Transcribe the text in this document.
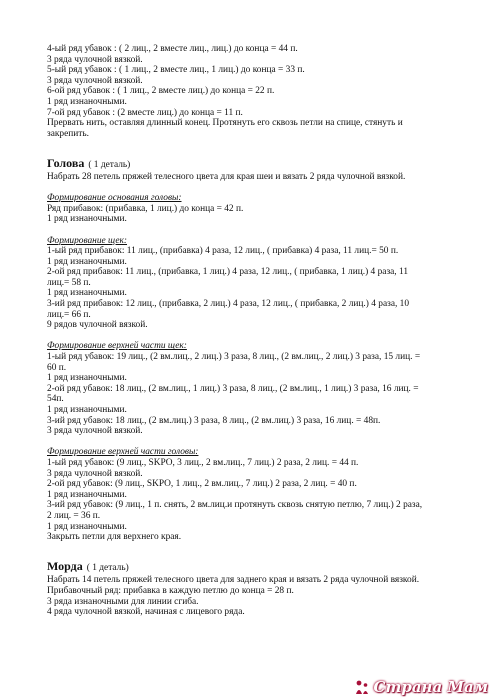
4-ый ряд убавок : ( 2 лиц., 2 вместе лиц., лиц.) до конца = 44 п.
3 ряда чулочной вязкой.
5-ый ряд убавок : ( 1 лиц., 2 вместе лиц., 1 лиц.) до конца = 33 п.
3 ряда чулочной вязкой.
6-ой ряд убавок : ( 1 лиц., 2 вместе лиц.) до конца = 22 п.
1 ряд изнаночными.
7-ой ряд убавок : (2 вместе лиц.) до конца = 11 п.
Прервать нить, оставляя длинный конец. Протянуть его сквозь петли на спице, стянуть и
закрепить.
Голова ( 1 деталь)
Набрать 28 петель пряжей телесного цвета для края шеи и вязать 2 ряда чулочной вязкой.
Формирование основания головы:
Ряд прибавок: (прибавка, 1 лиц.) до конца = 42 п.
1 ряд изнаночными.
Формирование щек:
1-ый ряд прибавок: 11 лиц., (прибавка) 4 раза, 12 лиц., ( прибавка) 4 раза, 11 лиц.= 50 п.
1 ряд изнаночными.
2-ой ряд прибавок: 11 лиц., (прибавка, 1 лиц.) 4 раза, 12 лиц., ( прибавка, 1 лиц.) 4 раза, 11
лиц.= 58 п.
1 ряд изнаночными.
3-ий ряд прибавок: 12 лиц., (прибавка, 2 лиц.) 4 раза, 12 лиц., ( прибавка, 2 лиц.) 4 раза, 10
лиц.= 66 п.
9 рядов чулочной вязкой.
Формирование верхней части щек:
1-ый ряд убавок: 19 лиц., (2 вм.лиц., 2 лиц.) 3 раза, 8 лиц., (2 вм.лиц., 2 лиц.) 3 раза, 15 лиц. =
60 п.
1 ряд изнаночными.
2-ой ряд убавок: 18 лиц., (2 вм.лиц., 1 лиц.) 3 раза, 8 лиц., (2 вм.лиц., 1 лиц.) 3 раза, 16 лиц. =
54п.
1 ряд изнаночными.
3-ий ряд убавок: 18 лиц., (2 вм.лиц.) 3 раза, 8 лиц., (2 вм.лиц.) 3 раза, 16 лиц. = 48п.
3 ряда чулочной вязкой.
Формирование верхней части головы:
1-ый ряд убавок: (9 лиц., SKPO, 3 лиц., 2 вм.лиц., 7 лиц.) 2 раза, 2 лиц. = 44 п.
3 ряда чулочной вязкой.
2-ой ряд убавок: (9 лиц., SKPO, 1 лиц., 2 вм.лиц., 7 лиц.) 2 раза, 2 лиц. = 40 п.
1 ряд изнаночными.
3-ий ряд убавок: (9 лиц., 1 п. снять, 2 вм.лиц.и протянуть сквозь снятую петлю, 7 лиц.) 2 раза,
2 лиц. = 36 п.
1 ряд изнаночными.
Закрыть петли для верхнего края.
Морда ( 1 деталь)
Набрать 14 петель пряжей телесного цвета для заднего края и вязать 2 ряда чулочной вязкой.
Прибавочный ряд: прибавка в каждую петлю до конца = 28 п.
3 ряда изнаночными для линии сгиба.
4 ряда чулочной вязкой, начиная с лицевого ряда.
Страна Мам
